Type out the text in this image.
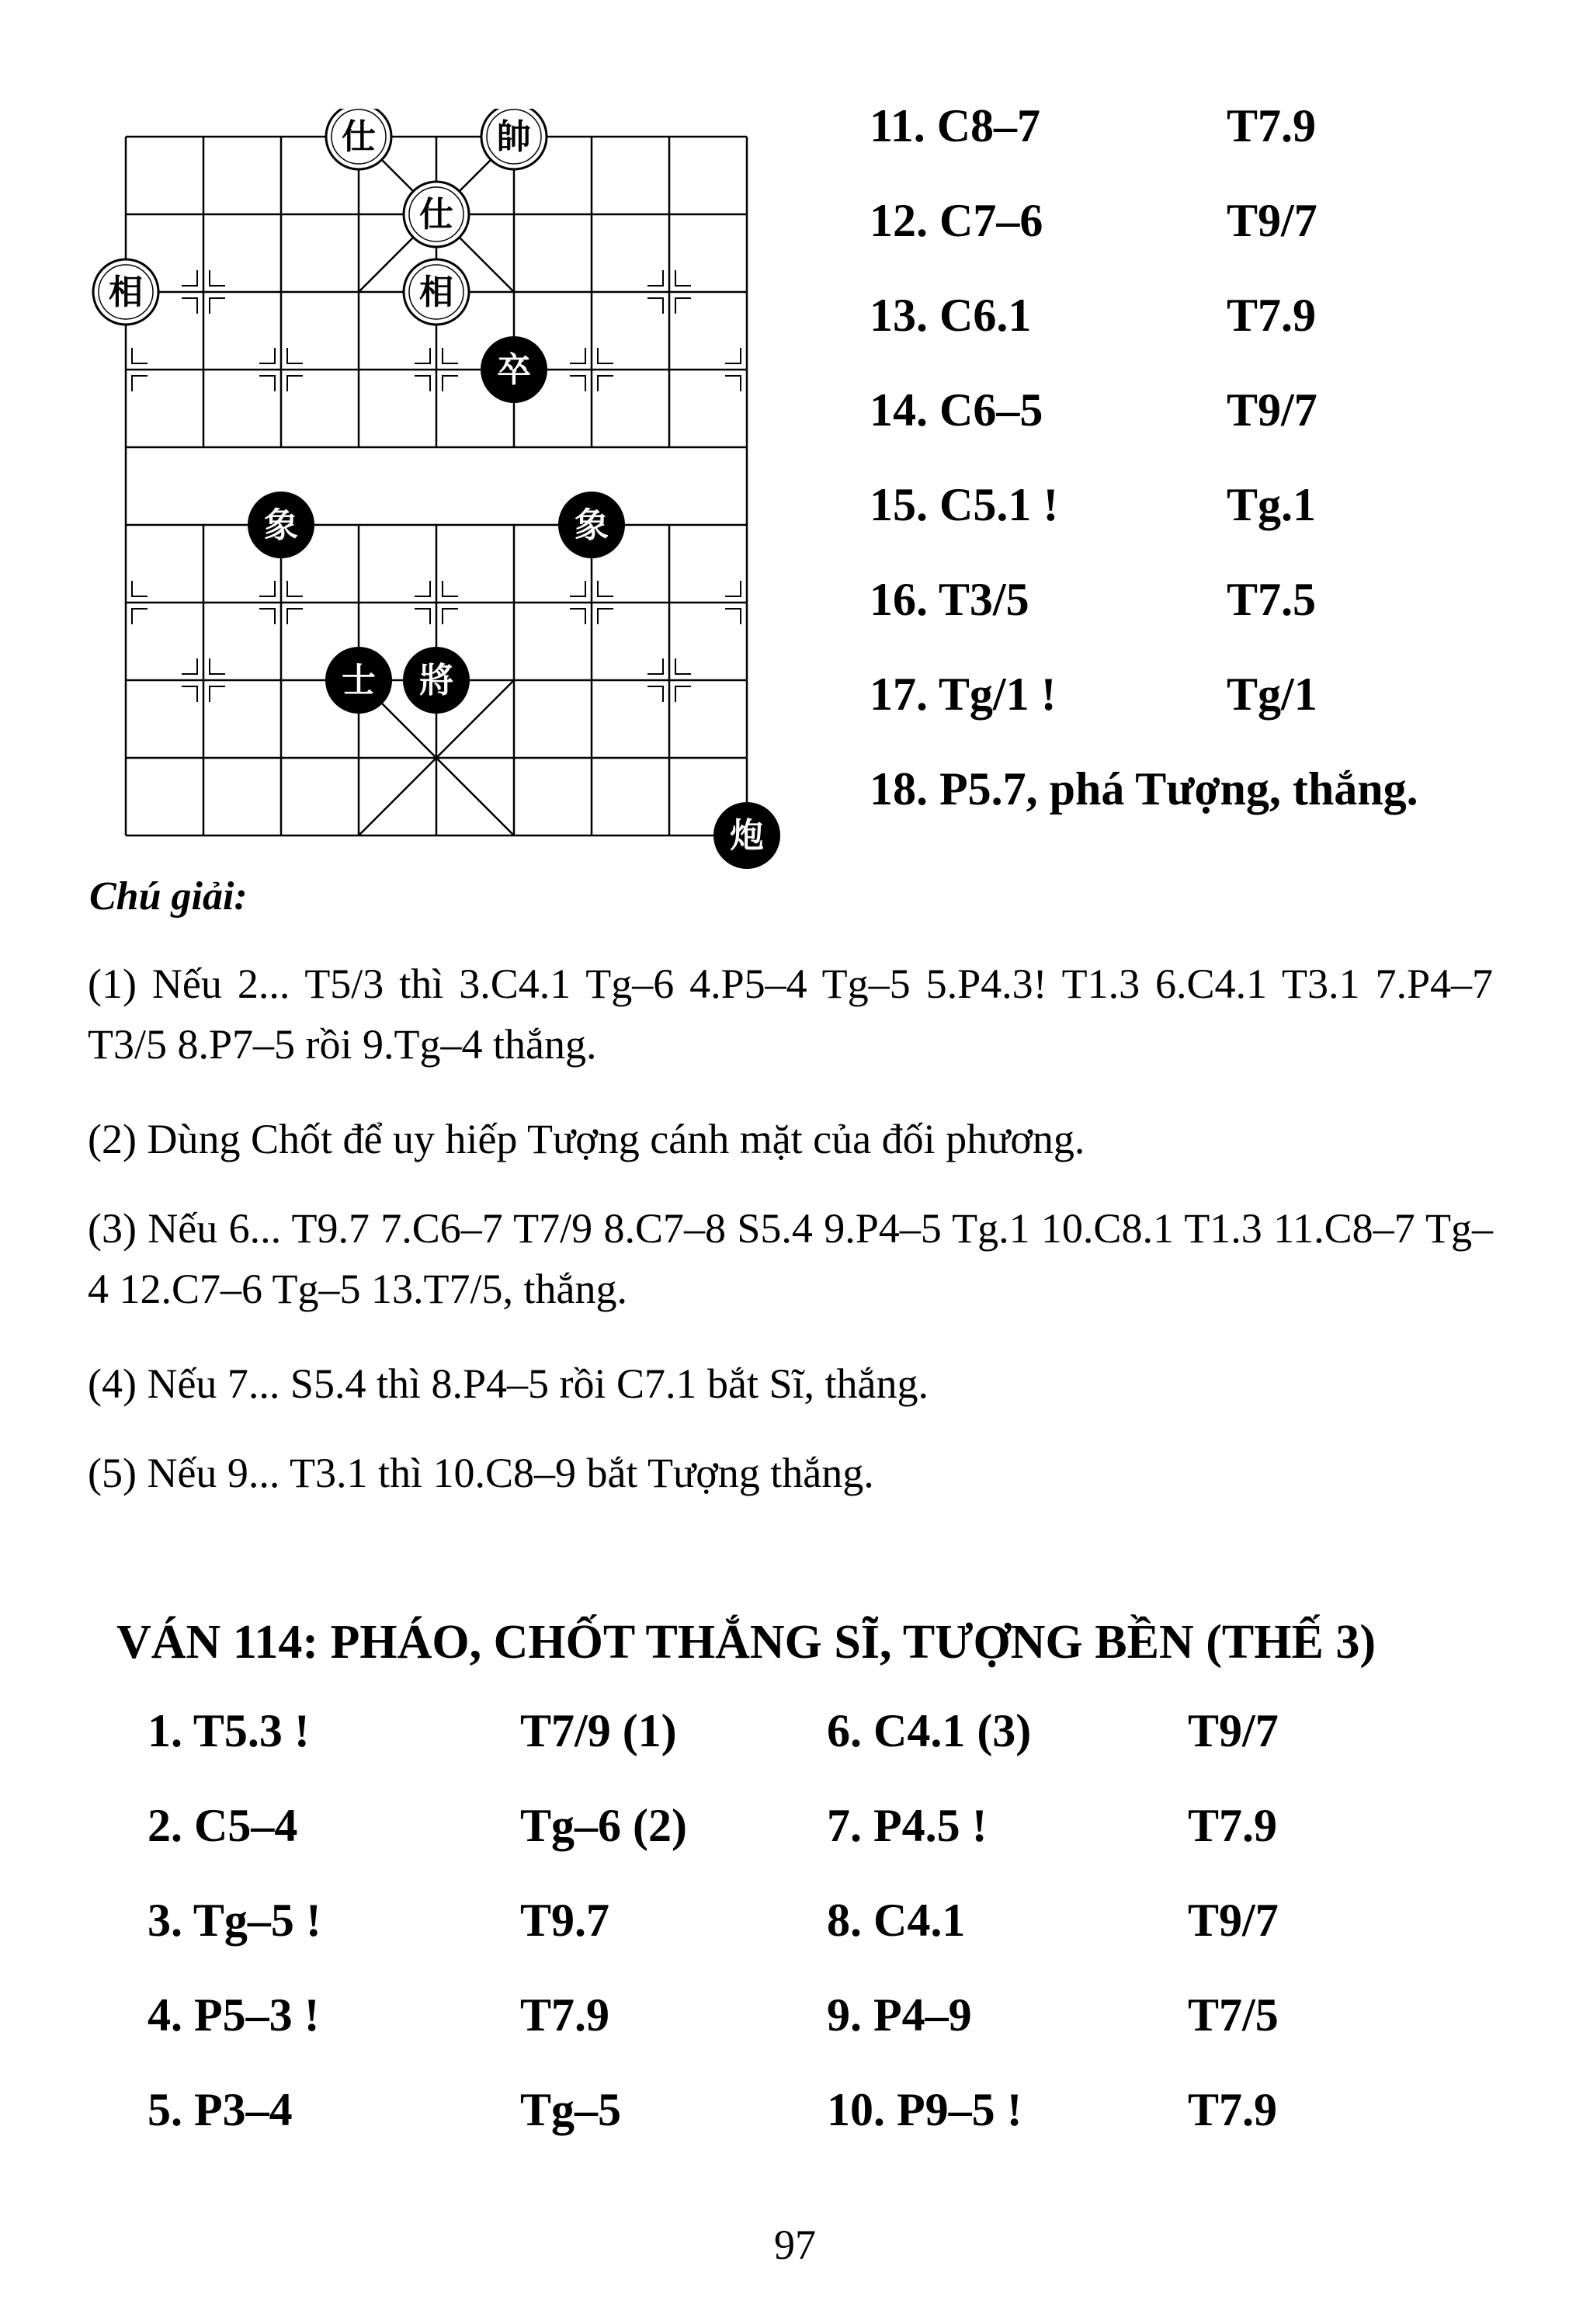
仕	帥
仕
相	相
卒
象	象
士 將
炮
11. C8–7	T7.9
12. C7–6	T9/7
13. C6.1	T7.9
14. C6–5	T9/7
15. C5.1 !	Tg.1
16. T3/5	T7.5
17. Tg/1 !	Tg/1
18. P5.7, phá Tượng, thắng.
Chú giải:
(1) Nếu 2... T5/3 thì 3.C4.1 Tg–6 4.P5–4 Tg–5 5.P4.3! T1.3 6.C4.1 T3.1 7.P4–7 T3/5 8.P7–5 rồi 9.Tg–4 thắng.
(2) Dùng Chốt để uy hiếp Tượng cánh mặt của đối phương.
(3) Nếu 6... T9.7 7.C6–7 T7/9 8.C7–8 S5.4 9.P4–5 Tg.1 10.C8.1 T1.3 11.C8–7 Tg–4 12.C7–6 Tg–5 13.T7/5, thắng.
(4) Nếu 7... S5.4 thì 8.P4–5 rồi C7.1 bắt Sĩ, thắng.
(5) Nếu 9... T3.1 thì 10.C8–9 bắt Tượng thắng.
VÁN 114: PHÁO, CHỐT THẮNG SĨ, TƯỢNG BỀN (THẾ 3)
1. T5.3 !	T7/9 (1)	6. C4.1 (3)	T9/7
2. C5–4	Tg–6 (2)	7. P4.5 !	T7.9
3. Tg–5 !	T9.7	8. C4.1	T9/7
4. P5–3 !	T7.9	9. P4–9	T7/5
5. P3–4	Tg–5	10. P9–5 !	T7.9
97
